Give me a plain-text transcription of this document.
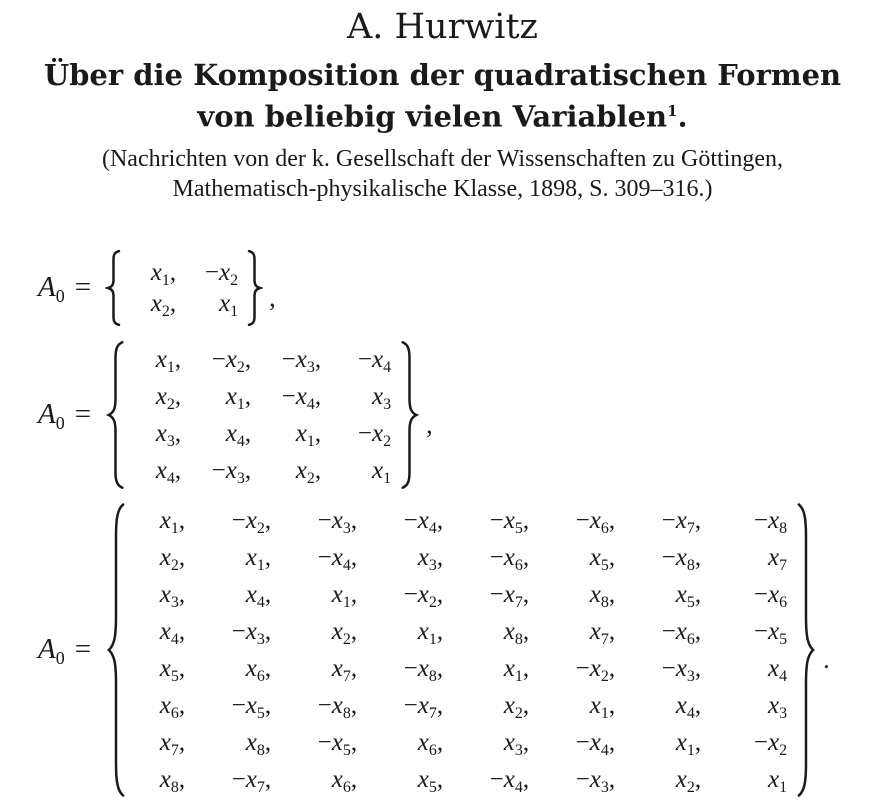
A. Hurwitz
Über die Komposition der quadratischen Formen
von beliebig vielen Variablen$^1$.
(Nachrichten von der k. Gesellschaft der Wissenschaften zu Göttingen,
Mathematisch-physikalische Klasse, 1898, S. 309–316.)
$A_0$ =	$x_1$, $-x_2$
$x_2$, $x_1$ ,
$A_0$ =
$x_1$, $-x_2$, $-x_3$, $-x_4$
$x_2$, $x_1$, $-x_4$, $x_3$
$x_3$, $x_4$, $x_1$, $-x_2$
$x_4$, $-x_3$, $x_2$, $x_1$
,
$A_0$ =
$x_1$, $-x_2$, $-x_3$, $-x_4$, $-x_5$, $-x_6$, $-x_7$, $-x_8$
$x_2$, $x_1$, $-x_4$, $x_3$, $-x_6$, $x_5$, $-x_8$,	$x_7$
$x_3$, $x_4$, $x_1$, $-x_2$, $-x_7$, $x_8$, $x_5$, $-x_6$
$x_4$, $-x_3$, $x_2$, $x_1$, $x_8$, $x_7$, $-x_6$, $-x_5$
$x_5$, $x_6$, $x_7$, $-x_8$, $x_1$, $-x_2$, $-x_3$,	$x_4$
$x_6$, $-x_5$, $-x_8$, $-x_7$, $x_2$, $x_1$, $x_4$,	$x_3$
$x_7$, $x_8$, $-x_5$, $x_6$, $x_3$, $-x_4$, $x_1$, $-x_2$
$x_8$, $-x_7$, $x_6$, $x_5$, $-x_4$, $-x_3$, $x_2$,	$x_1$
.
